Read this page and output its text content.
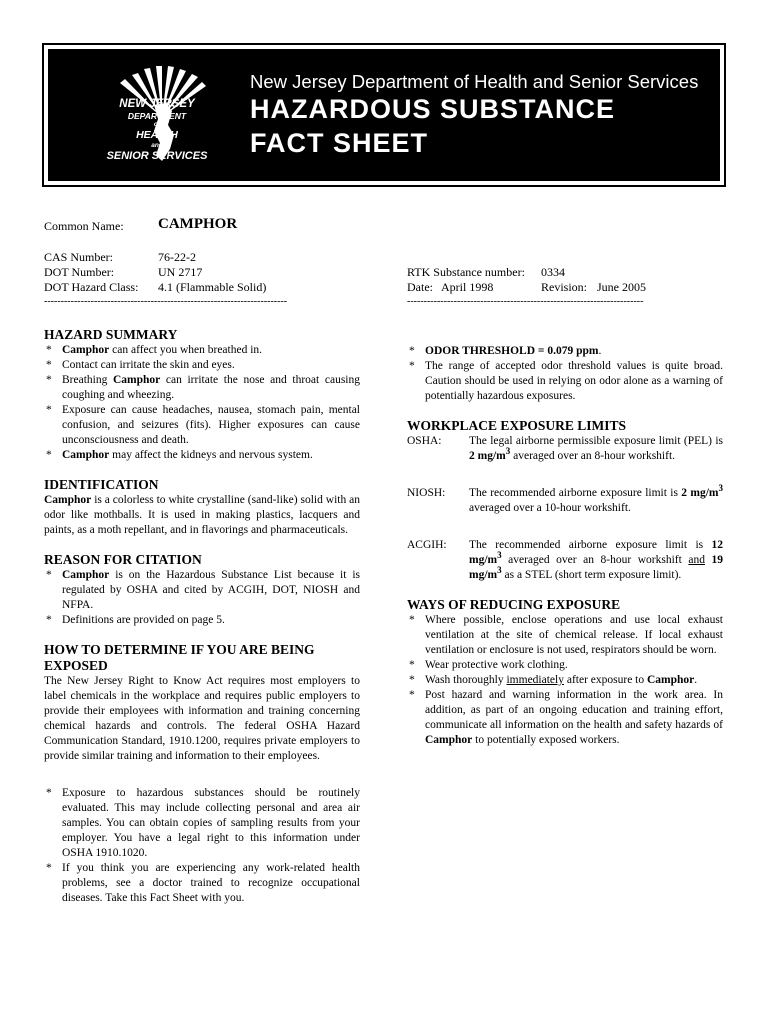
NEW JERSEY
DEPARTMENT
of
HEALTH
and
SENIOR SERVICES
New Jersey Department of Health and Senior Services
HAZARDOUS SUBSTANCE
FACT SHEET
Common Name: CAMPHOR
CAS Number:	76-22-2
DOT Number:	UN 2717
DOT Hazard Class: 4.1 (Flammable Solid)
RTK Substance number: 0334
Date: April 1998	Revision: June 2005
-------------------------------------------------------------------------	-----------------------------------------------------------------------
HAZARD SUMMARY
* Camphor can affect you when breathed in.
* Contact can irritate the skin and eyes.
* Breathing Camphor can irritate the nose and throat causing coughing and wheezing.
* Exposure can cause headaches, nausea, stomach pain, mental confusion, and seizures (fits). Higher exposures can cause unconsciousness and death.
* Camphor may affect the kidneys and nervous system.
IDENTIFICATION
Camphor is a colorless to white crystalline (sand-like) solid with an odor like mothballs. It is used in making plastics, lacquers and paints, as a moth repellant, and in flavorings and pharmaceuticals.
REASON FOR CITATION
* Camphor is on the Hazardous Substance List because it is regulated by OSHA and cited by ACGIH, DOT, NIOSH and NFPA.
* Definitions are provided on page 5.
HOW TO DETERMINE IF YOU ARE BEING EXPOSED
The New Jersey Right to Know Act requires most employers to label chemicals in the workplace and requires public employers to provide their employees with information and training concerning chemical hazards and controls. The federal OSHA Hazard Communication Standard, 1910.1200, requires private employers to provide similar training and information to their employees.
* Exposure to hazardous substances should be routinely evaluated. This may include collecting personal and area air samples. You can obtain copies of sampling results from your employer. You have a legal right to this information under OSHA 1910.1020.
* If you think you are experiencing any work-related health problems, see a doctor trained to recognize occupational diseases. Take this Fact Sheet with you.
* ODOR THRESHOLD = 0.079 ppm.
* The range of accepted odor threshold values is quite broad. Caution should be used in relying on odor alone as a warning of potentially hazardous exposures.
WORKPLACE EXPOSURE LIMITS
OSHA:	The legal airborne permissible exposure limit (PEL) is 2 $mg/m^3$ averaged over an 8-hour workshift.
NIOSH:	The recommended airborne exposure limit is 2 $mg/m^3$ averaged over a 10-hour workshift.
ACGIH:	The recommended airborne exposure limit is 12 $mg/m^3$ averaged over an 8-hour workshift and 19 $mg/m^3$ as a STEL (short term exposure limit).
WAYS OF REDUCING EXPOSURE
* Where possible, enclose operations and use local exhaust ventilation at the site of chemical release. If local exhaust ventilation or enclosure is not used, respirators should be worn.
* Wear protective work clothing.
* Wash thoroughly immediately after exposure to Camphor.
* Post hazard and warning information in the work area. In addition, as part of an ongoing education and training effort, communicate all information on the health and safety hazards of Camphor to potentially exposed workers.
